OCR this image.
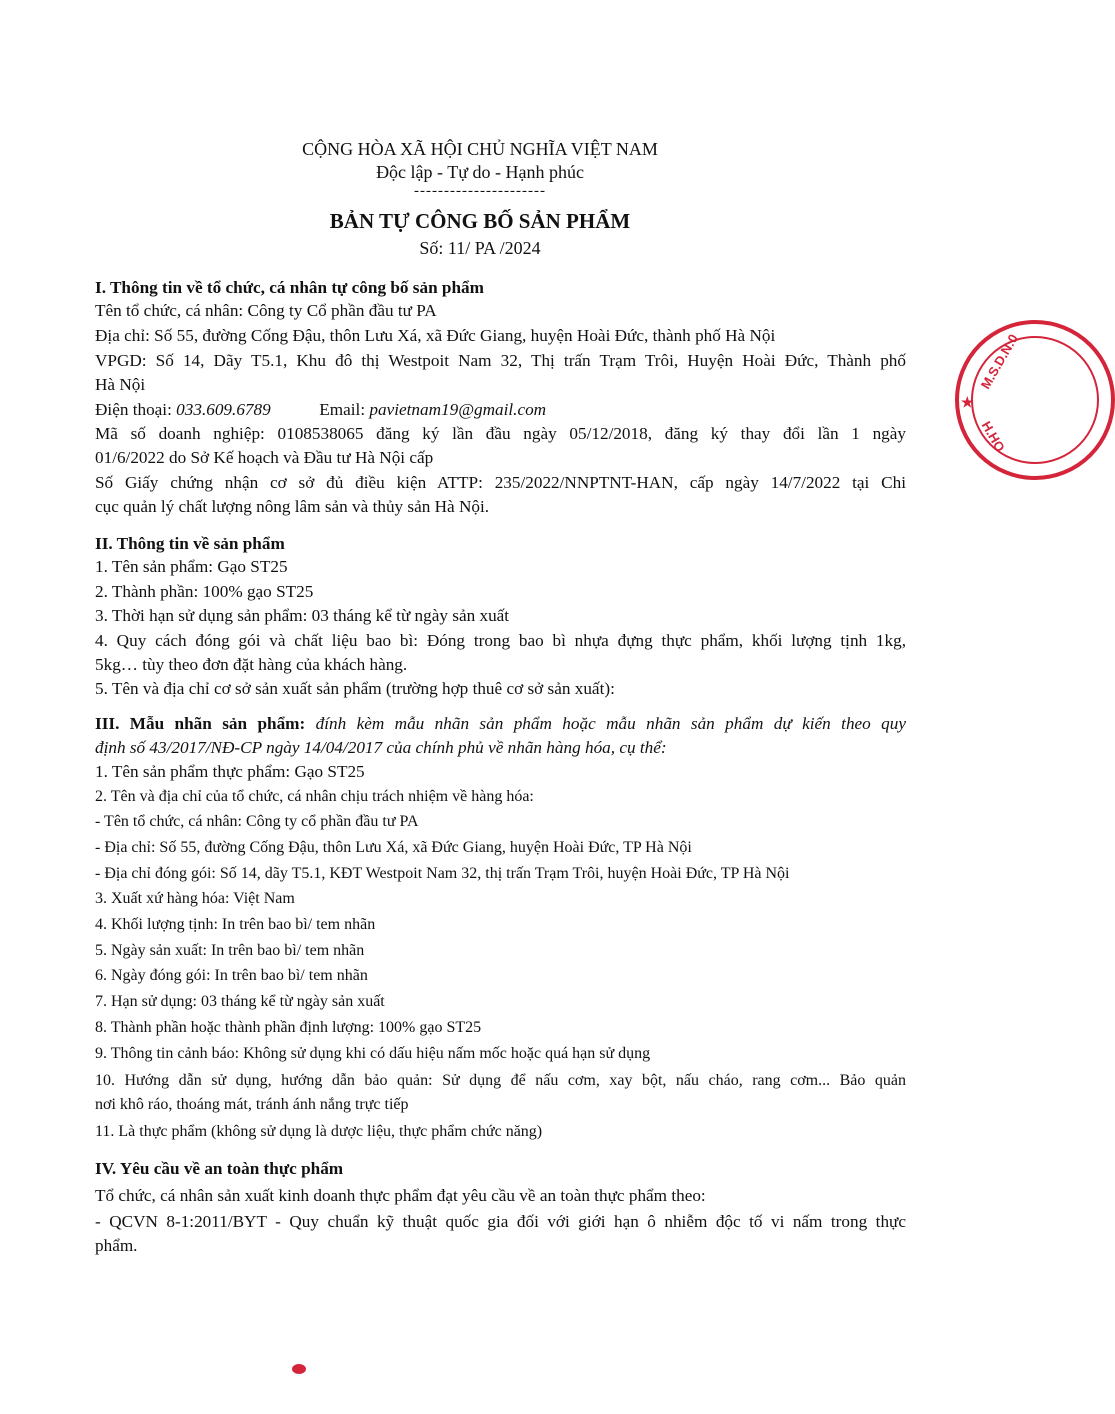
CỘNG HÒA XÃ HỘI CHỦ NGHĨA VIỆT NAM
Độc lập - Tự do - Hạnh phúc
----------------------
BẢN TỰ CÔNG BỐ SẢN PHẨM
Số: 11/ PA /2024
I. Thông tin về tổ chức, cá nhân tự công bố sản phẩm
Tên tổ chức, cá nhân: Công ty Cổ phần đầu tư PA
Địa chỉ: Số 55, đường Cống Đậu, thôn Lưu Xá, xã Đức Giang, huyện Hoài Đức, thành phố Hà Nội
VPGD: Số 14, Dãy T5.1, Khu đô thị Westpoit Nam 32, Thị trấn Trạm Trôi, Huyện Hoài Đức, Thành phố
Hà Nội
Điện thoại: 033.609.6789	Email: pavietnam19@gmail.com
Mã số doanh nghiệp: 0108538065 đăng ký lần đầu ngày 05/12/2018, đăng ký thay đổi lần 1 ngày
01/6/2022 do Sở Kế hoạch và Đầu tư Hà Nội cấp
Số Giấy chứng nhận cơ sở đủ điều kiện ATTP: 235/2022/NNPTNT-HAN, cấp ngày 14/7/2022 tại Chi
cục quản lý chất lượng nông lâm sản và thủy sản Hà Nội.
II. Thông tin về sản phẩm
1. Tên sản phẩm: Gạo ST25
2. Thành phần: 100% gạo ST25
3. Thời hạn sử dụng sản phẩm: 03 tháng kể từ ngày sản xuất
4. Quy cách đóng gói và chất liệu bao bì: Đóng trong bao bì nhựa đựng thực phẩm, khối lượng tịnh 1kg,
5kg… tùy theo đơn đặt hàng của khách hàng.
5. Tên và địa chỉ cơ sở sản xuất sản phẩm (trường hợp thuê cơ sở sản xuất):
III. Mẫu nhãn sản phẩm: đính kèm mẫu nhãn sản phẩm hoặc mẫu nhãn sản phẩm dự kiến theo quy
định số 43/2017/NĐ-CP ngày 14/04/2017 của chính phủ về nhãn hàng hóa, cụ thể:
1. Tên sản phẩm thực phẩm: Gạo ST25
2. Tên và địa chỉ của tổ chức, cá nhân chịu trách nhiệm về hàng hóa:
- Tên tổ chức, cá nhân: Công ty cổ phần đầu tư PA
- Địa chỉ: Số 55, đường Cống Đậu, thôn Lưu Xá, xã Đức Giang, huyện Hoài Đức, TP Hà Nội
- Địa chỉ đóng gói: Số 14, dãy T5.1, KĐT Westpoit Nam 32, thị trấn Trạm Trôi, huyện Hoài Đức, TP Hà Nội
3. Xuất xứ hàng hóa: Việt Nam
4. Khối lượng tịnh: In trên bao bì/ tem nhãn
5. Ngày sản xuất: In trên bao bì/ tem nhãn
6. Ngày đóng gói: In trên bao bì/ tem nhãn
7. Hạn sử dụng: 03 tháng kể từ ngày sản xuất
8. Thành phần hoặc thành phần định lượng: 100% gạo ST25
9. Thông tin cảnh báo: Không sử dụng khi có dấu hiệu nấm mốc hoặc quá hạn sử dụng
10. Hướng dẫn sử dụng, hướng dẫn bảo quản: Sử dụng để nấu cơm, xay bột, nấu cháo, rang cơm... Bảo quản
nơi khô ráo, thoáng mát, tránh ánh nắng trực tiếp
11. Là thực phẩm (không sử dụng là dược liệu, thực phẩm chức năng)
IV. Yêu cầu về an toàn thực phẩm
Tổ chức, cá nhân sản xuất kinh doanh thực phẩm đạt yêu cầu về an toàn thực phẩm theo:
- QCVN 8-1:2011/BYT - Quy chuẩn kỹ thuật quốc gia đối với giới hạn ô nhiễm độc tố vi nấm trong thực
phẩm.
M.S.D.N:0
H.HO
★
